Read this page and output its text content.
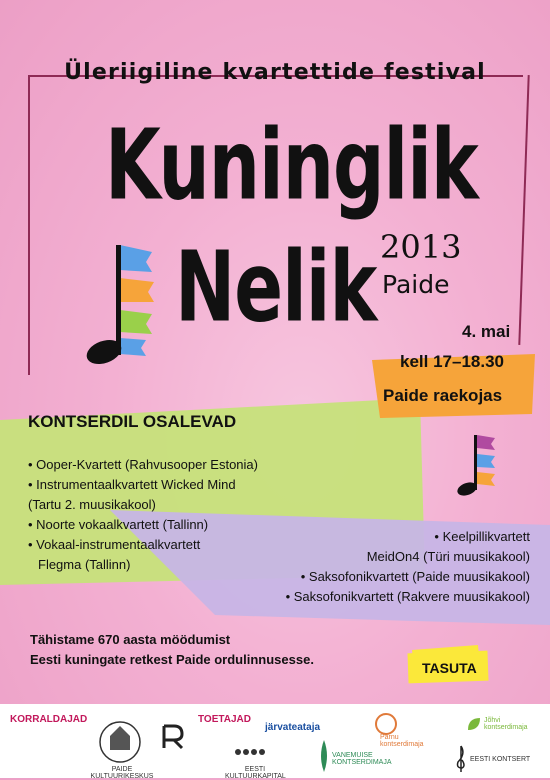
Üleriigiline kvartettide festival
Kuninglik
Nelik 2013
Paide
4. mai
kell 17–18.30
Paide raekojas
KONTSERDIL OSALEVAD
• Ooper-Kvartett (Rahvusooper Estonia)
• Instrumentaalkvartett Wicked Mind
(Tartu 2. muusikakool)
• Noorte vokaalkvartett (Tallinn)
• Vokaal-instrumentaalkvartett
Flegma (Tallinn)
• Keelpillikvartett
MeidOn4 (Türi muusikakool)
• Saksofonikvartett (Paide muusikakool)
• Saksofonikvartett (Rakvere muusikakool)
Tähistame 670 aasta möödumist
Eesti kuningate retkest Paide ordulinnusesse.
TASUTA
KORRALDAJAD	TOETAJAD
PAIDE KULTUURIKESKUS
järvateataja
EESTI KULTUURKAPITAL
VANEMUISE KONTSERDIMAJA
Pärnu kontserdimaja
Jõhvi kontserdimaja
EESTI KONTSERT
